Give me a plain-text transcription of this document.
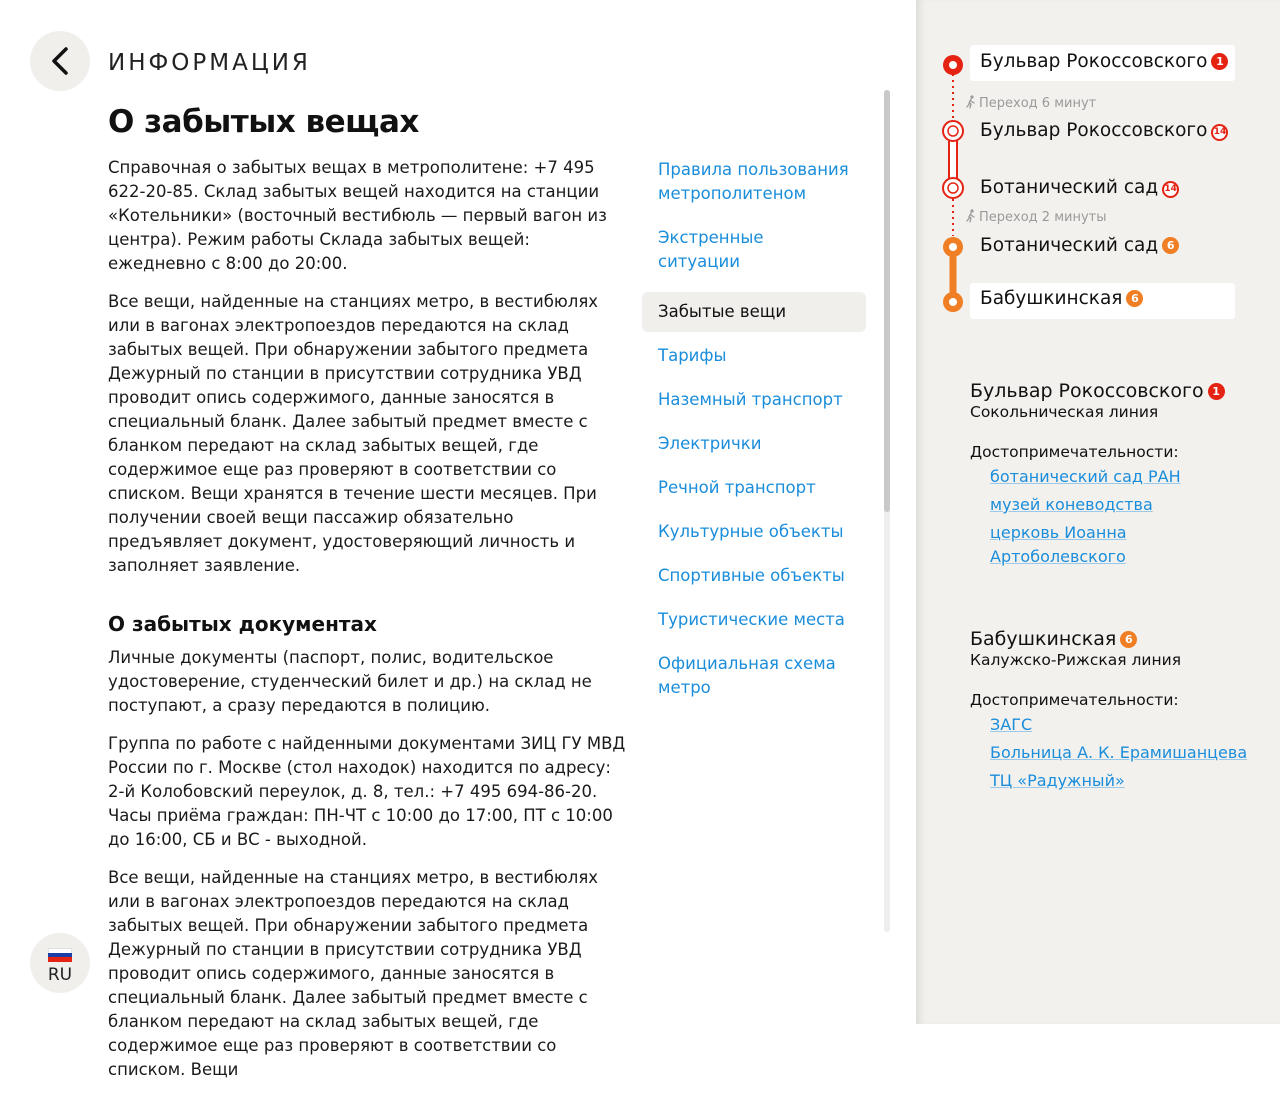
ИНФОРМАЦИЯ
О забытых вещах

Справочная о забытых вещах в метрополитене: +7 495 622-20-85. Склад забытых вещей находится на станции «Котельники» (восточный вестибюль — первый вагон из центра). Режим работы Склада забытых вещей: ежедневно с 8:00 до 20:00.

Все вещи, найденные на станциях метро, в вестибюлях или в вагонах электропоездов передаются на склад забытых вещей. При обнаружении забытого предмета Дежурный по станции в присутствии сотрудника УВД проводит опись содержимого, данные заносятся в специальный бланк. Далее забытый предмет вместе с бланком передают на склад забытых вещей, где содержимое еще раз проверяют в соответствии со списком. Вещи хранятся в течение шести месяцев. При получении своей вещи пассажир обязательно предъявляет документ, удостоверяющий личность и заполняет заявление.

О забытых документах

Личные документы (паспорт, полис, водительское удостоверение, студенческий билет и др.) на склад не поступают, а сразу передаются в полицию.

Группа по работе с найденными документами ЗИЦ ГУ МВД России по г. Москве (стол находок) находится по адресу: 2-й Колобовский переулок, д. 8, тел.: +7 495 694-86-20. Часы приёма граждан: ПН-ЧТ с 10:00 до 17:00, ПТ с 10:00 до 16:00, СБ и ВС - выходной.

Все вещи, найденные на станциях метро, в вестибюлях или в вагонах электропоездов передаются на склад забытых вещей. При обнаружении забытого предмета Дежурный по станции в присутствии сотрудника УВД проводит опись содержимого, данные заносятся в специальный бланк. Далее забытый предмет вместе с бланком передают на склад забытых вещей, где содержимое еще раз проверяют в соответствии со списком. Вещи

Правила пользования метрополитеном
Экстренные ситуации
Забытые вещи
Тарифы
Наземный транспорт
Электрички
Речной транспорт
Культурные объекты
Спортивные объекты
Туристические места
Официальная схема метро
RU
Бульвар Рокоссовского 1
Переход 6 минут
Бульвар Рокоссовского 14
Ботанический сад 14
Переход 2 минуты
Ботанический сад 6
Бабушкинская 6
Бульвар Рокоссовского 1
Сокольническая линия
Достопримечательности:
ботанический сад РАН
музей коневодства
церковь Иоанна Артоболевского
Бабушкинская 6
Калужско-Рижская линия
Достопримечательности:
ЗАГС
Больница А. К. Ерамишанцева
ТЦ «Радужный»
